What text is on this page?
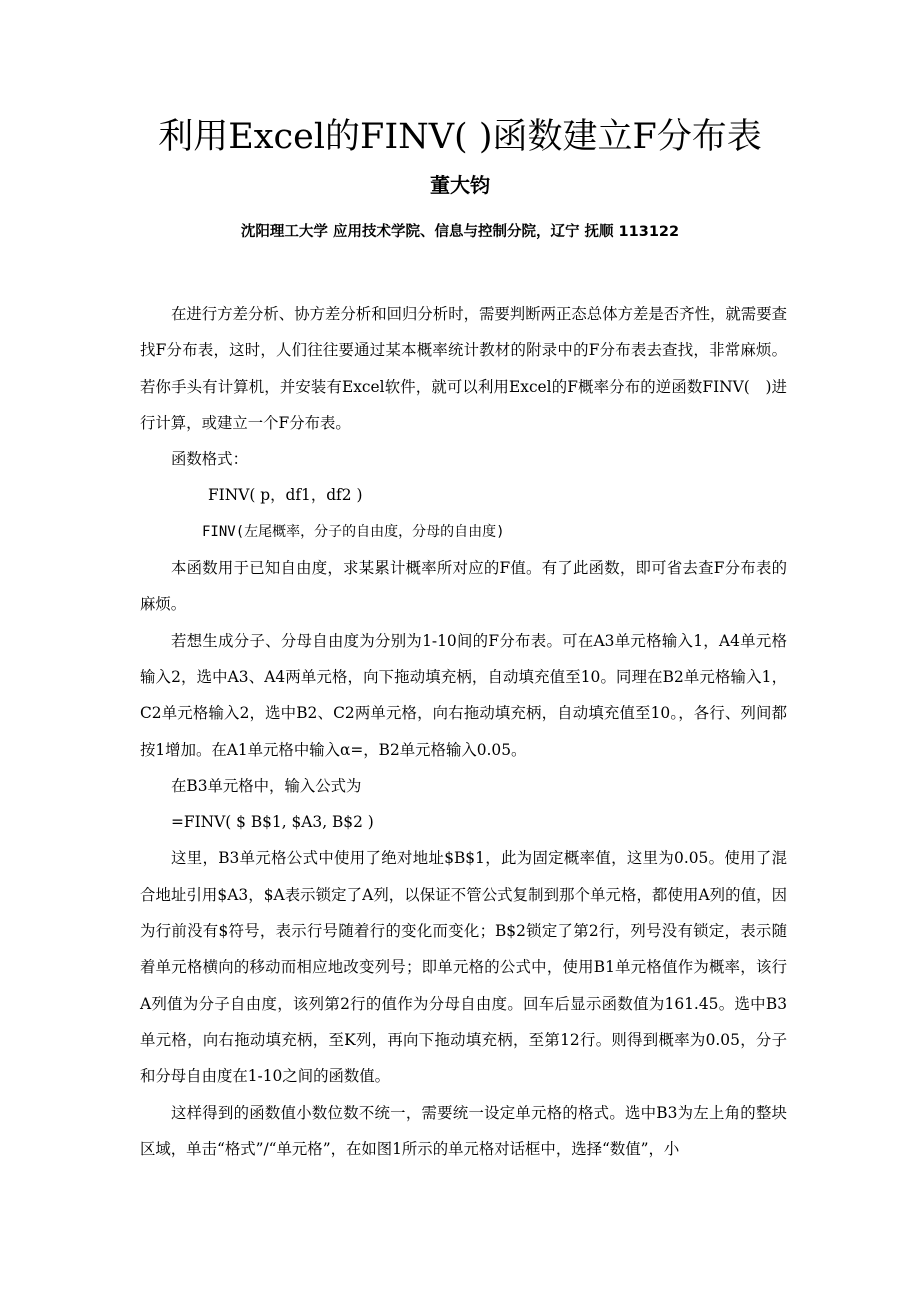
利用Excel的FINV( )函数建立F分布表
董大钧
沈阳理工大学 应用技术学院、信息与控制分院，辽宁 抚顺 113122

在进行方差分析、协方差分析和回归分析时，需要判断两正态总体方差是否齐性，就需要查找F分布表，这时，人们往往要通过某本概率统计教材的附录中的F分布表去查找，非常麻烦。若你手头有计算机，并安装有Excel软件，就可以利用Excel的F概率分布的逆函数FINV(　)进行计算，或建立一个F分布表。

函数格式：

FINV( p，df1，df2 )

FINV(左尾概率，分子的自由度，分母的自由度)

本函数用于已知自由度，求某累计概率所对应的F值。有了此函数，即可省去查F分布表的麻烦。

若想生成分子、分母自由度为分别为1-10间的F分布表。可在A3单元格输入1，A4单元格输入2，选中A3、A4两单元格，向下拖动填充柄，自动填充值至10。同理在B2单元格输入1，C2单元格输入2，选中B2、C2两单元格，向右拖动填充柄，自动填充值至10。，各行、列间都按1增加。在A1单元格中输入α=，B2单元格输入0.05。

在B3单元格中，输入公式为

=FINV( $ B$1, $A3, B$2 )

这里，B3单元格公式中使用了绝对地址$B$1，此为固定概率值，这里为0.05。使用了混合地址引用$A3，$A表示锁定了A列，以保证不管公式复制到那个单元格，都使用A列的值，因为行前没有$符号，表示行号随着行的变化而变化；B$2锁定了第2行，列号没有锁定，表示随着单元格横向的移动而相应地改变列号；即单元格的公式中，使用B1单元格值作为概率，该行A列值为分子自由度，该列第2行的值作为分母自由度。回车后显示函数值为161.45。选中B3单元格，向右拖动填充柄，至K列，再向下拖动填充柄，至第12行。则得到概率为0.05，分子和分母自由度在1-10之间的函数值。

这样得到的函数值小数位数不统一，需要统一设定单元格的格式。选中B3为左上角的整块区域，单击“格式”/“单元格”，在如图1所示的单元格对话框中，选择“数值”，小
